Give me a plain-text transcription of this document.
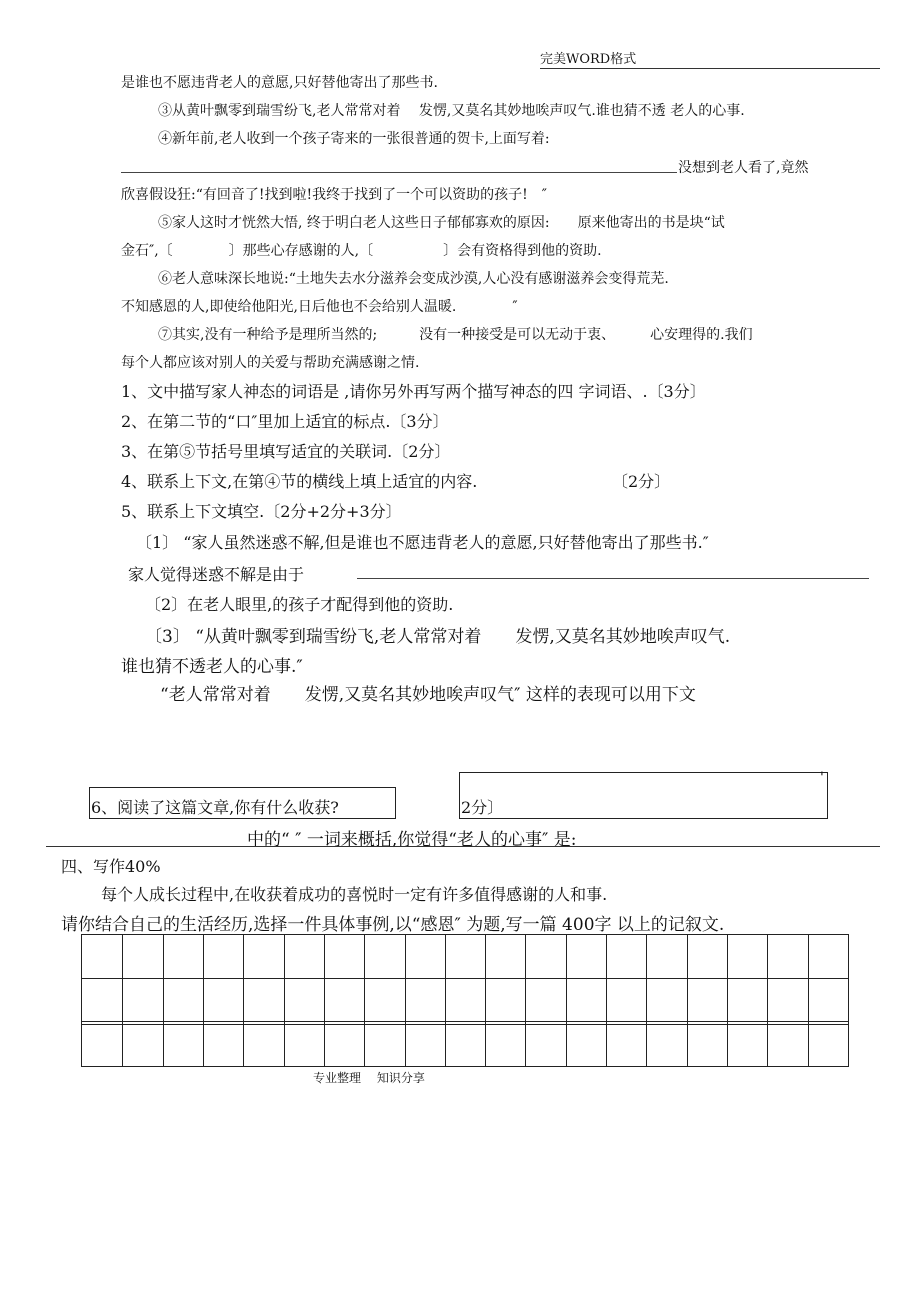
完美WORD格式
是谁也不愿违背老人的意愿,只好替他寄出了那些书.
③从黄叶飘零到瑞雪纷飞,老人常常对着　 发愣,又莫名其妙地唉声叹气.谁也猜不透 老人的心事.
④新年前,老人收到一个孩子寄来的一张很普通的贺卡,上面写着:
没想到老人看了,竟然
欣喜假设狂:“有回音了!找到啦!我终于找到了一个可以资助的孩子!　″
⑤家人这时才恍然大悟, 终于明白老人这些日子郁郁寡欢的原因:　　原来他寄出的书是块“试
金石″,〔　　　　〕那些心存感谢的人,〔　　　　　〕会有资格得到他的资助.
⑥老人意味深长地说:“土地失去水分滋养会变成沙漠,人心没有感谢滋养会变得荒芜.
不知感恩的人,即使给他阳光,日后他也不会给别人温暖.　　　　″
⑦其实,没有一种给予是理所当然的;　　　没有一种接受是可以无动于衷、　　　心安理得的.我们
每个人都应该对别人的关爱与帮助充满感谢之情.
1、文中描写家人神态的词语是 ,请你另外再写两个描写神态的四 字词语、.〔3分〕
2、在第二节的“口″里加上适宜的标点.〔3分〕
3、在第⑤节括号里填写适宜的关联词.〔2分〕
4、联系上下文,在第④节的横线上填上适宜的内容.	〔2分〕
5、联系上下文填空.〔2分+2分+3分〕
〔1〕 “家人虽然迷惑不解,但是谁也不愿违背老人的意愿,只好替他寄出了那些书.″
家人觉得迷惑不解是由于
〔2〕在老人眼里,的孩子才配得到他的资助.
〔3〕 “从黄叶飘零到瑞雪纷飞,老人常常对着　　发愣,又莫名其妙地唉声叹气.
谁也猜不透老人的心事.″
“老人常常对着　　发愣,又莫名其妙地唉声叹气″ 这样的表现可以用下文
6、阅读了这篇文章,你有什么收获?
'
2分〕
中的“ ″ 一词来概括,你觉得“老人的心事″ 是:
四、写作40%
每个人成长过程中,在收获着成功的喜悦时一定有许多值得感谢的人和事.
请你结合自己的生活经历,选择一件具体事例,以“感恩″ 为题,写一篇 400字 以上的记叙文.
专业整理　 知识分享
